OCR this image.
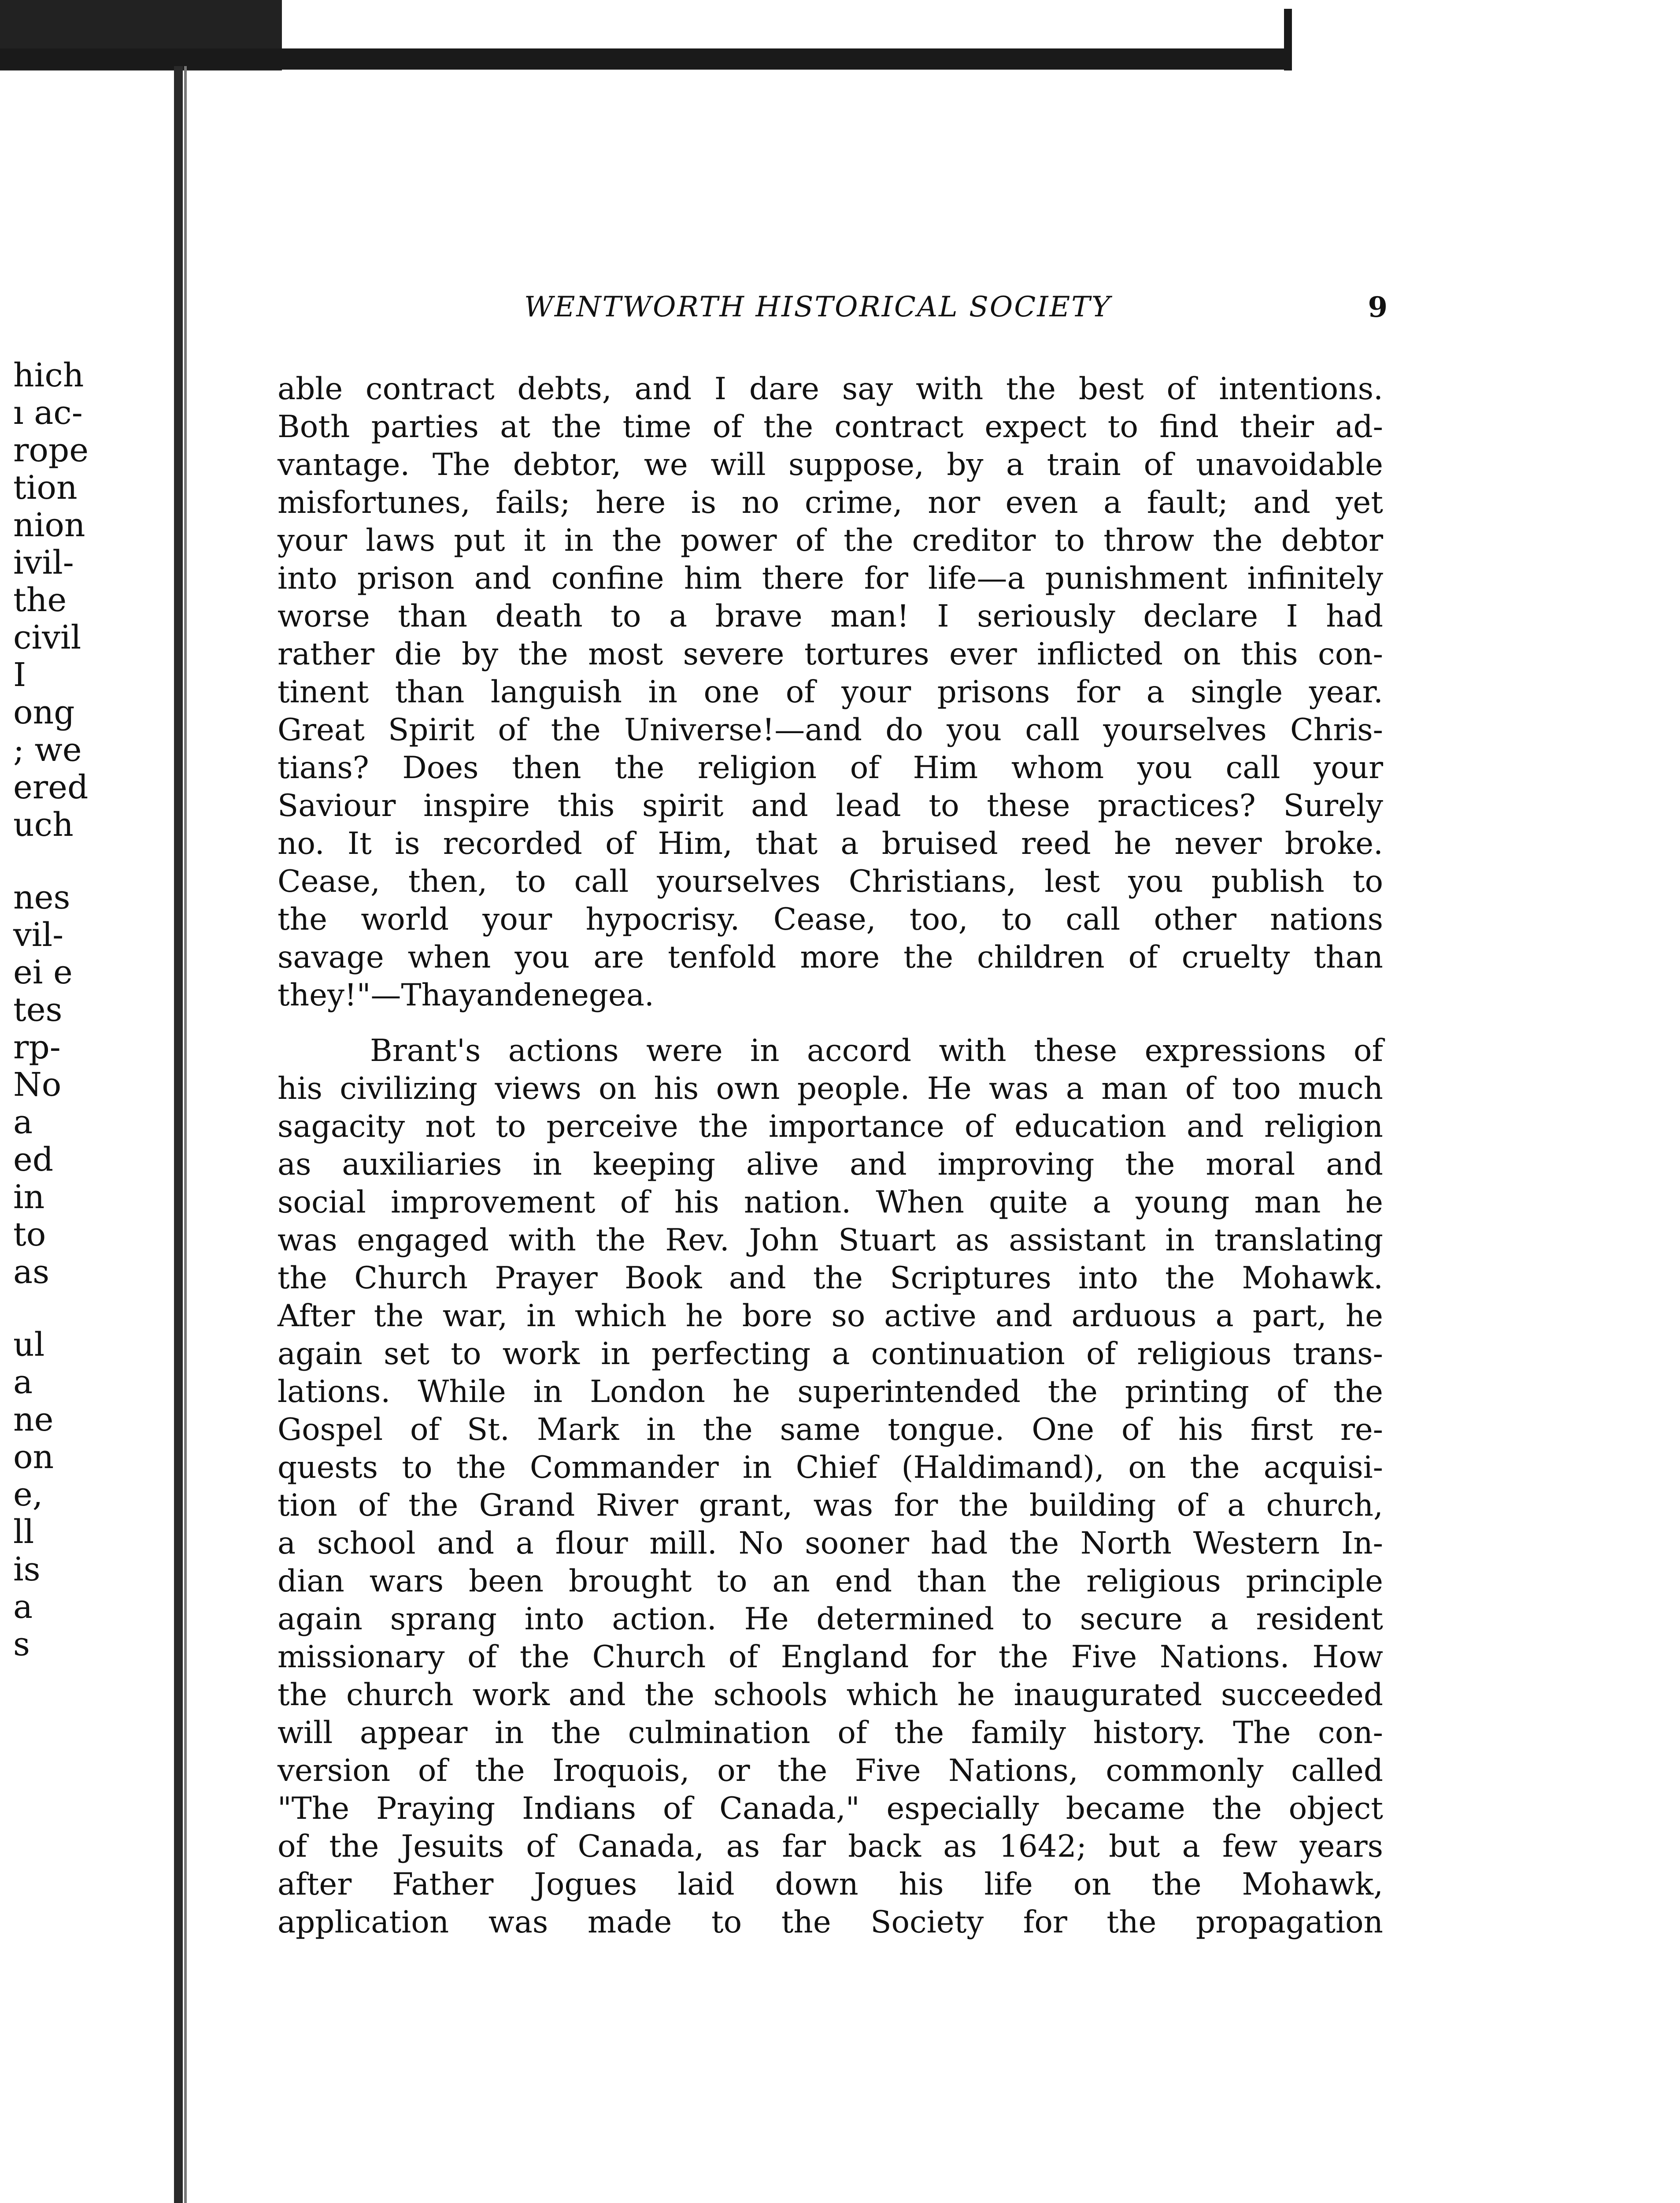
hich
ı ac-
rope
tion
nion
ivil-
the
civil
I
ong
; we
ered
uch
nes
vil-
ei e
tes
rp-
No
a
ed
in
to
as
ul
a
ne
on
e,
ll
is
a
s
WENTWORTH HISTORICAL SOCIETY	9
able contract debts, and I dare say with the best of intentions.
Both parties at the time of the contract expect to find their ad-
vantage. The debtor, we will suppose, by a train of unavoidable
misfortunes, fails; here is no crime, nor even a fault; and yet
your laws put it in the power of the creditor to throw the debtor
into prison and confine him there for life—a punishment infinitely
worse than death to a brave man! I seriously declare I had
rather die by the most severe tortures ever inflicted on this con-
tinent than languish in one of your prisons for a single year.
Great Spirit of the Universe!—and do you call yourselves Chris-
tians? Does then the religion of Him whom you call your
Saviour inspire this spirit and lead to these practices? Surely
no. It is recorded of Him, that a bruised reed he never broke.
Cease, then, to call yourselves Christians, lest you publish to
the world your hypocrisy. Cease, too, to call other nations
savage when you are tenfold more the children of cruelty than
they!"—Thayandenegea.
Brant's actions were in accord with these expressions of
his civilizing views on his own people. He was a man of too much
sagacity not to perceive the importance of education and religion
as auxiliaries in keeping alive and improving the moral and
social improvement of his nation. When quite a young man he
was engaged with the Rev. John Stuart as assistant in translating
the Church Prayer Book and the Scriptures into the Mohawk.
After the war, in which he bore so active and arduous a part, he
again set to work in perfecting a continuation of religious trans-
lations. While in London he superintended the printing of the
Gospel of St. Mark in the same tongue. One of his first re-
quests to the Commander in Chief (Haldimand), on the acquisi-
tion of the Grand River grant, was for the building of a church,
a school and a flour mill. No sooner had the North Western In-
dian wars been brought to an end than the religious principle
again sprang into action. He determined to secure a resident
missionary of the Church of England for the Five Nations. How
the church work and the schools which he inaugurated succeeded
will appear in the culmination of the family history. The con-
version of the Iroquois, or the Five Nations, commonly called
"The Praying Indians of Canada," especially became the object
of the Jesuits of Canada, as far back as 1642; but a few years
after Father Jogues laid down his life on the Mohawk,
application was made to the Society for the propagation
